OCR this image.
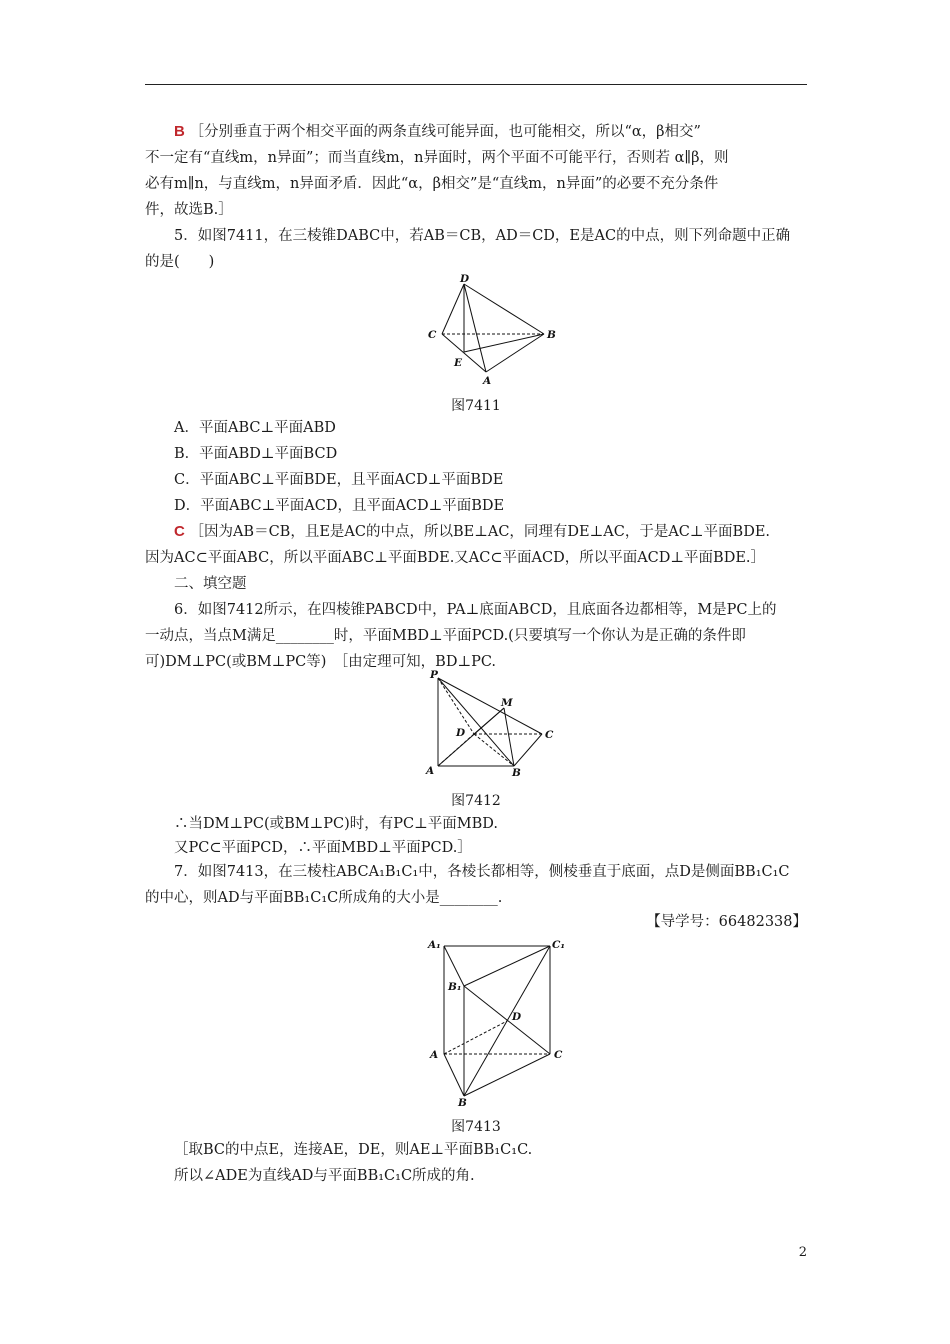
B ［分别垂直于两个相交平面的两条直线可能异面，也可能相交，所以“α，β相交”
不一定有“直线m，n异面”；而当直线m，n异面时，两个平面不可能平行，否则若 α∥β，则
必有m∥n，与直线m，n异面矛盾．因此“α，β相交”是“直线m，n异面”的必要不充分条件
件，故选B.］
5．如图7411，在三棱锥DABC中，若AB＝CB，AD＝CD，E是AC的中点，则下列命题中正确
的是(　　)
D
C	B
E
A
图7411
A．平面ABC⊥平面ABD
B．平面ABD⊥平面BCD
C．平面ABC⊥平面BDE，且平面ACD⊥平面BDE
D．平面ABC⊥平面ACD，且平面ACD⊥平面BDE
C ［因为AB＝CB，且E是AC的中点，所以BE⊥AC，同理有DE⊥AC，于是AC⊥平面BDE.
因为AC⊂平面ABC，所以平面ABC⊥平面BDE.又AC⊂平面ACD，所以平面ACD⊥平面BDE.］
二、填空题
6．如图7412所示，在四棱锥PABCD中，PA⊥底面ABCD，且底面各边都相等，M是PC上的
一动点，当点M满足________时，平面MBD⊥平面PCD.(只要填写一个你认为是正确的条件即
可)DM⊥PC(或BM⊥PC等)　［由定理可知，BD⊥PC.
P
M
D	C
A	B
图7412
∴当DM⊥PC(或BM⊥PC)时，有PC⊥平面MBD.
又PC⊂平面PCD，∴平面MBD⊥平面PCD.］
7．如图7413，在三棱柱ABCA₁B₁C₁中，各棱长都相等，侧棱垂直于底面，点D是侧面BB₁C₁C
的中心，则AD与平面BB₁C₁C所成角的大小是________.
【导学号：66482338】
A₁	C₁
B₁
D
A	C
B
图7413
［取BC的中点E，连接AE，DE，则AE⊥平面BB₁C₁C.
所以∠ADE为直线AD与平面BB₁C₁C所成的角.
2
